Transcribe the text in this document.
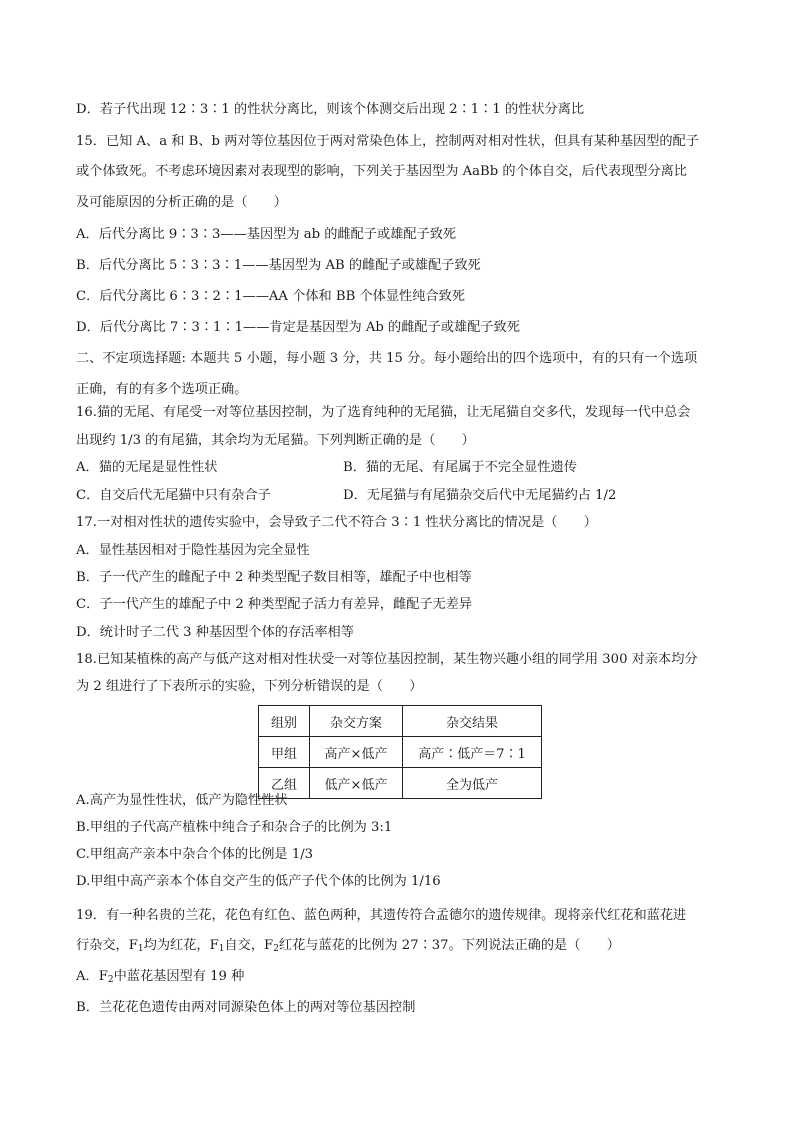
D．若子代出现 12∶3∶1 的性状分离比，则该个体测交后出现 2∶1∶1 的性状分离比
15．已知 A、a 和 B、b 两对等位基因位于两对常染色体上，控制两对相对性状，但具有某种基因型的配子
或个体致死。不考虑环境因素对表现型的影响，下列关于基因型为 AaBb 的个体自交，后代表现型分离比
及可能原因的分析正确的是（　　）
A．后代分离比 9∶3∶3——基因型为 ab 的雌配子或雄配子致死
B．后代分离比 5∶3∶3∶1——基因型为 AB 的雌配子或雄配子致死
C．后代分离比 6∶3∶2∶1——AA 个体和 BB 个体显性纯合致死
D．后代分离比 7∶3∶1∶1——肯定是基因型为 Ab 的雌配子或雄配子致死
二、不定项选择题: 本题共 5 小题，每小题 3 分，共 15 分。每小题给出的四个选项中，有的只有一个选项
正确，有的有多个选项正确。
16.猫的无尾、有尾受一对等位基因控制，为了选育纯种的无尾猫，让无尾猫自交多代，发现每一代中总会
出现约 1/3 的有尾猫，其余均为无尾猫。下列判断正确的是（　　）
A．猫的无尾是显性性状	B．猫的无尾、有尾属于不完全显性遗传
C．自交后代无尾猫中只有杂合子	D．无尾猫与有尾猫杂交后代中无尾猫约占 1/2
17.一对相对性状的遗传实验中，会导致子二代不符合 3∶1 性状分离比的情况是（　　）
A．显性基因相对于隐性基因为完全显性
B．子一代产生的雌配子中 2 种类型配子数目相等，雄配子中也相等
C．子一代产生的雄配子中 2 种类型配子活力有差异，雌配子无差异
D．统计时子二代 3 种基因型个体的存活率相等
18.已知某植株的高产与低产这对相对性状受一对等位基因控制，某生物兴趣小组的同学用 300 对亲本均分
为 2 组进行了下表所示的实验，下列分析错误的是（　　）
组别	杂交方案	杂交结果
甲组	高产×低产	高产∶低产＝7∶1
乙组	低产×低产	全为低产
A.高产为显性性状，低产为隐性性状
B.甲组的子代高产植株中纯合子和杂合子的比例为 3:1
C.甲组高产亲本中杂合个体的比例是 1/3
D.甲组中高产亲本个体自交产生的低产子代个体的比例为 1/16
19．有一种名贵的兰花，花色有红色、蓝色两种，其遗传符合孟德尔的遗传规律。现将亲代红花和蓝花进
行杂交，$F_1$均为红花，$F_1$自交，$F_2$红花与蓝花的比例为 27∶37。下列说法正确的是（　　）
A．$F_2$中蓝花基因型有 19 种
B．兰花花色遗传由两对同源染色体上的两对等位基因控制
